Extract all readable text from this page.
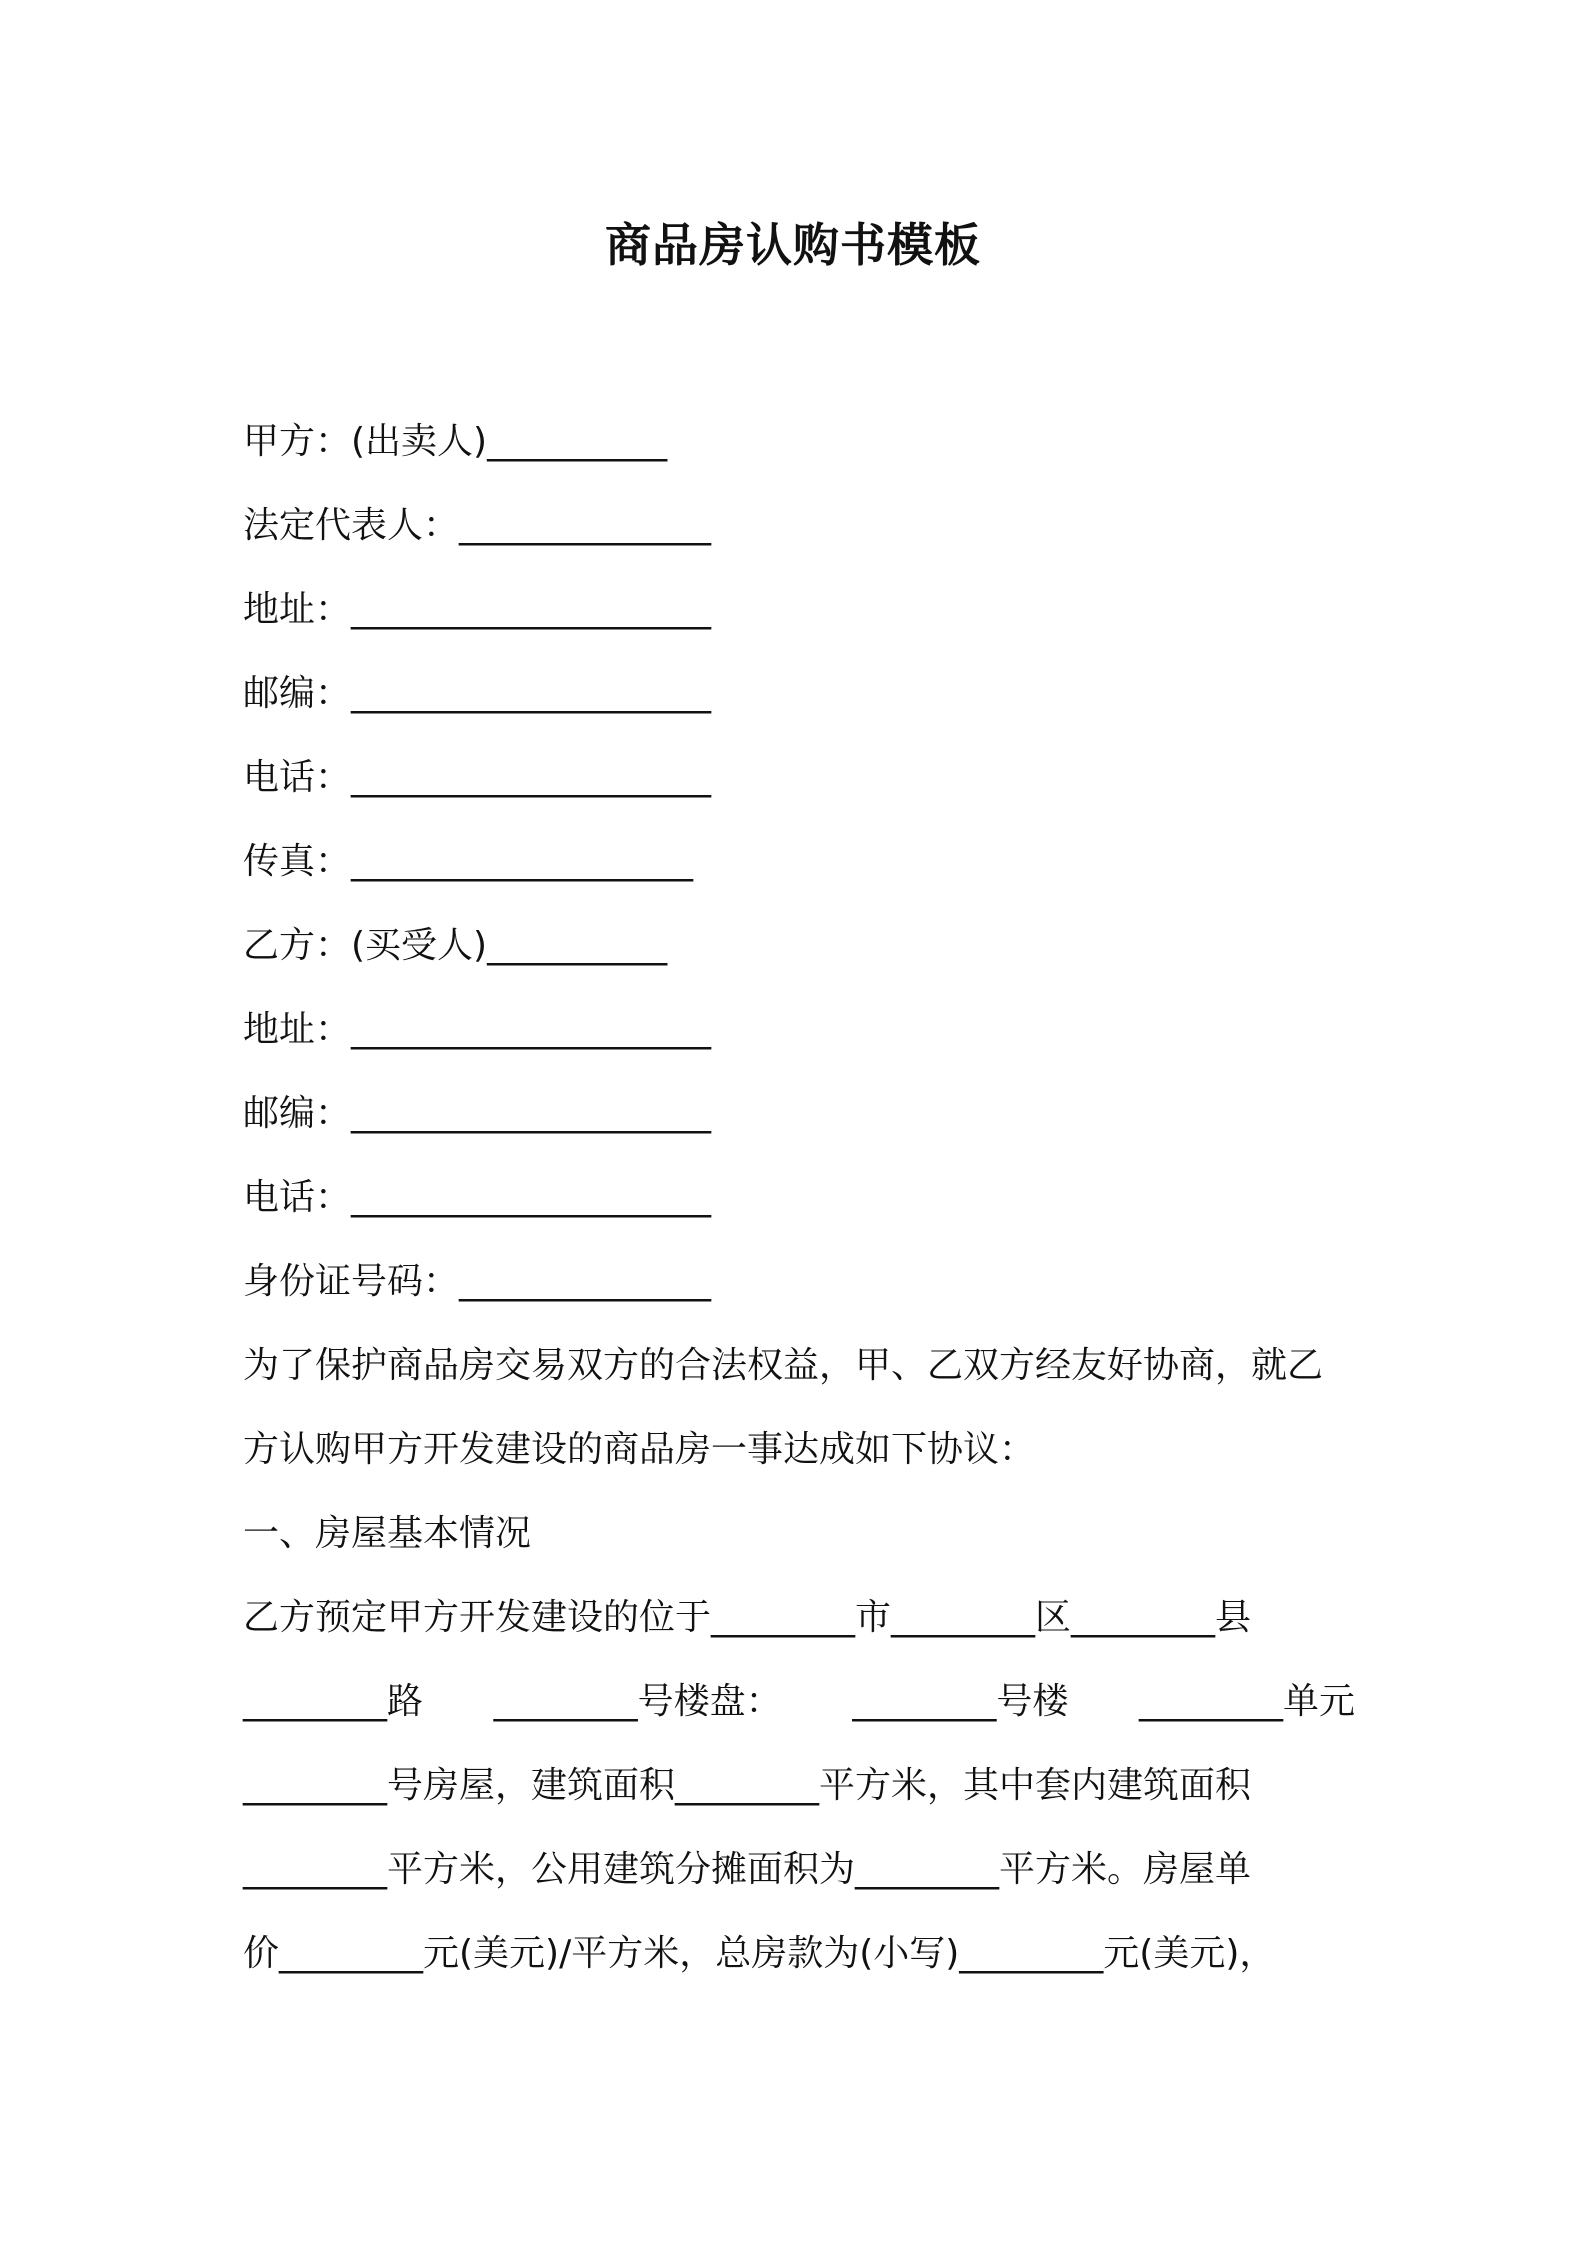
商品房认购书模板
甲方：(出卖人)__________
法定代表人：______________
地址：____________________
邮编：____________________
电话：____________________
传真：___________________
乙方：(买受人)__________
地址：____________________
邮编：____________________
电话：____________________
身份证号码：______________
为了保护商品房交易双方的合法权益，甲、乙双方经友好协商，就乙
方认购甲方开发建设的商品房一事达成如下协议：
一、房屋基本情况
乙方预定甲方开发建设的位于________市________区________县
________路 ________号楼盘： ________号楼 ________单元
________号房屋，建筑面积________平方米，其中套内建筑面积
________平方米，公用建筑分摊面积为________平方米。房屋单
价________元(美元)/平方米，总房款为(小写)________元(美元)，
